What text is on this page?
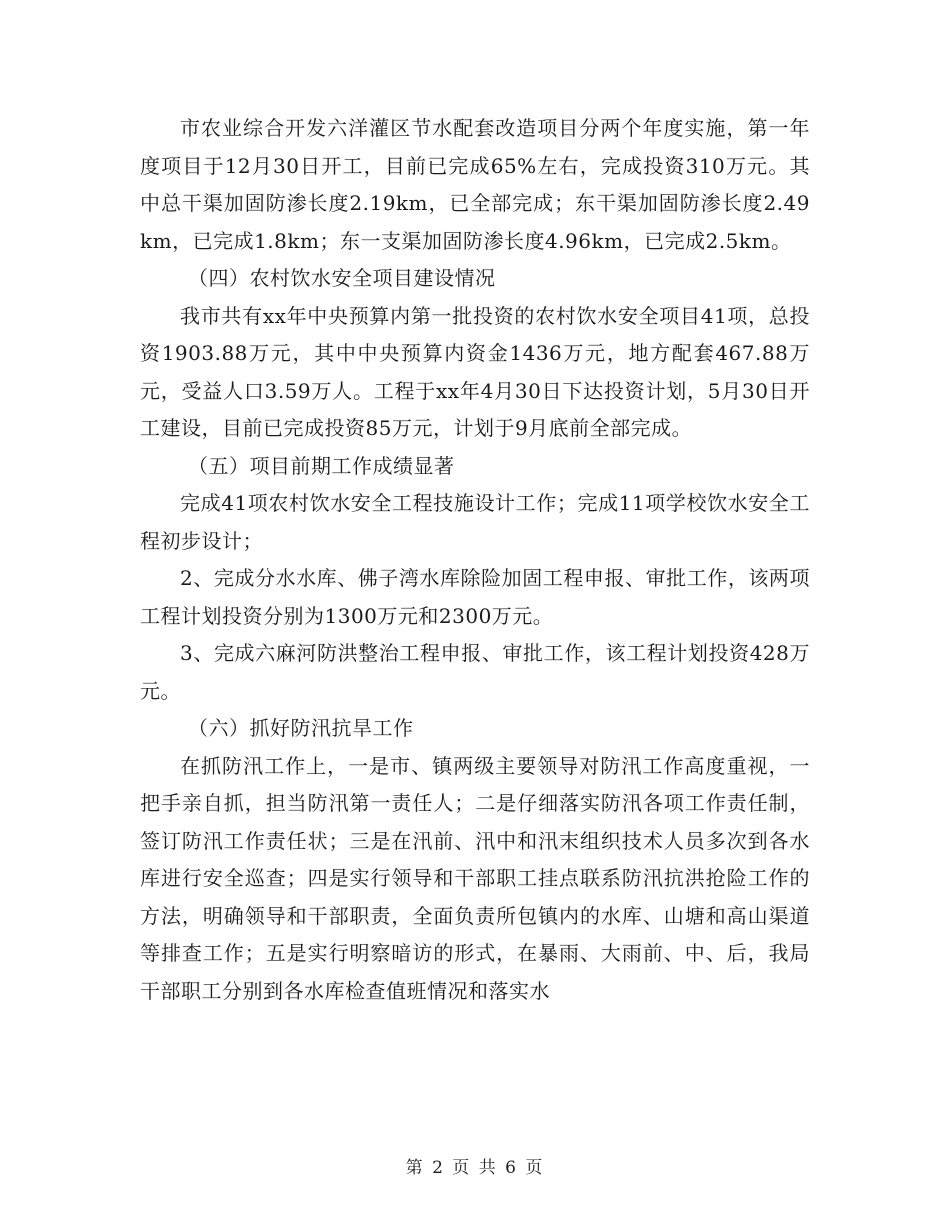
市农业综合开发六洋灌区节水配套改造项目分两个年度实施，第一年度项目于12月30日开工，目前已完成65%左右，完成投资310万元。其中总干渠加固防渗长度2.19km，已全部完成；东干渠加固防渗长度2.49km，已完成1.8km；东一支渠加固防渗长度4.96km，已完成2.5km。

（四）农村饮水安全项目建设情况

我市共有xx年中央预算内第一批投资的农村饮水安全项目41项，总投资1903.88万元，其中中央预算内资金1436万元，地方配套467.88万元，受益人口3.59万人。工程于xx年4月30日下达投资计划，5月30日开工建设，目前已完成投资85万元，计划于9月底前全部完成。

（五）项目前期工作成绩显著

完成41项农村饮水安全工程技施设计工作；完成11项学校饮水安全工程初步设计；

2、完成分水水库、佛子湾水库除险加固工程申报、审批工作，该两项工程计划投资分别为1300万元和2300万元。

3、完成六麻河防洪整治工程申报、审批工作，该工程计划投资428万元。

（六）抓好防汛抗旱工作

在抓防汛工作上，一是市、镇两级主要领导对防汛工作高度重视，一把手亲自抓，担当防汛第一责任人；二是仔细落实防汛各项工作责任制，签订防汛工作责任状；三是在汛前、汛中和汛末组织技术人员多次到各水库进行安全巡查；四是实行领导和干部职工挂点联系防汛抗洪抢险工作的方法，明确领导和干部职责，全面负责所包镇内的水库、山塘和高山渠道等排查工作；五是实行明察暗访的形式，在暴雨、大雨前、中、后，我局干部职工分别到各水库检查值班情况和落实水

第 2 页 共 6 页
